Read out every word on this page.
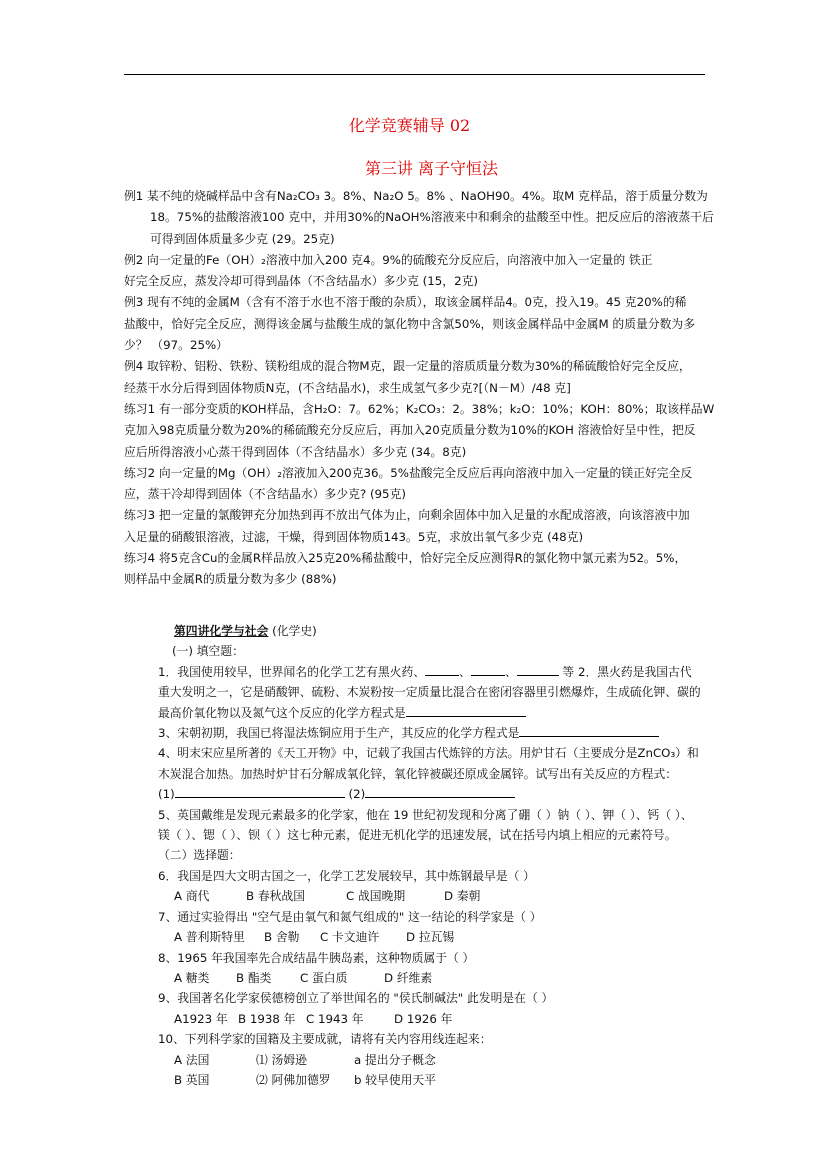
化学竞赛辅导 02
第三讲 离子守恒法
例1 某不纯的烧碱样品中含有Na₂CO₃ 3。8%、Na₂O 5。8% 、NaOH90。4%。取M 克样品，溶于质量分数为
18。75%的盐酸溶液100 克中，并用30%的NaOH%溶液来中和剩余的盐酸至中性。把反应后的溶液蒸干后
可得到固体质量多少克 (29。25克)
例2 向一定量的Fe（OH）₂溶液中加入200 克4。9%的硫酸充分反应后，向溶液中加入一定量的 铁正
好完全反应，蒸发冷却可得到晶体（不含结晶水）多少克 (15，2克)
例3 现有不纯的金属M（含有不溶于水也不溶于酸的杂质），取该金属样品4。0克，投入19。45 克20%的稀
盐酸中，恰好完全反应，测得该金属与盐酸生成的氯化物中含氯50%，则该金属样品中金属M 的质量分数为多
少？ （97。25%）
例4 取锌粉、铝粉、铁粉、镁粉组成的混合物M克，跟一定量的溶质质量分数为30%的稀硫酸恰好完全反应，
经蒸干水分后得到固体物质N克，(不含结晶水)，求生成氢气多少克?[（N－M）/48 克]
练习1 有一部分变质的KOH样品，含H₂O：7。62%；K₂CO₃：2。38%；k₂O：10%；KOH：80%；取该样品W
克加入98克质量分数为20%的稀硫酸充分反应后，再加入20克质量分数为10%的KOH 溶液恰好呈中性，把反
应后所得溶液小心蒸干得到固体（不含结晶水）多少克 (34。8克)
练习2 向一定量的Mg（OH）₂溶液加入200克36。5%盐酸完全反应后再向溶液中加入一定量的镁正好完全反
应，蒸干冷却得到固体（不含结晶水）多少克? (95克)
练习3 把一定量的氯酸钾充分加热到再不放出气体为止，向剩余固体中加入足量的水配成溶液，向该溶液中加
入足量的硝酸银溶液，过滤，干燥，得到固体物质143。5克，求放出氧气多少克 (48克)
练习4 将5克含Cu的金属R样品放入25克20%稀盐酸中，恰好完全反应测得R的氯化物中氯元素为52。5%，
则样品中金属R的质量分数为多少 (88%)
第四讲化学与社会 (化学史)
(一) 填空题：
1．我国使用较早，世界闻名的化学工艺有黑火药、	、	、	等 2．黑火药是我国古代
重大发明之一，它是硝酸钾、硫粉、木炭粉按一定质量比混合在密闭容器里引燃爆炸，生成硫化钾、碳的
最高价氧化物以及氮气这个反应的化学方程式是
3、宋朝初期，我国已将湿法炼铜应用于生产，其反应的化学方程式是
4、明末宋应星所著的《天工开物》中，记载了我国古代炼锌的方法。用炉甘石（主要成分是ZnCO₃）和
木炭混合加热。加热时炉甘石分解成氧化锌，氧化锌被碳还原成金属锌。试写出有关反应的方程式：
(1)	(2)
5、英国戴维是发现元素最多的化学家，他在 19 世纪初发现和分离了硼（ ）钠（ ）、钾（ ）、钙（ ）、
镁（ ）、锶（ ）、钡（ ）这七种元素，促进无机化学的迅速发展，试在括号内填上相应的元素符号。
（二）选择题：
6．我国是四大文明古国之一，化学工艺发展较早，其中炼钢最早是（ ）
A 商代	B 春秋战国	C 战国晚期	D 秦朝
7、通过实验得出 "空气是由氧气和氮气组成的" 这一结论的科学家是（ ）
A 普利斯特里 B 舍勒 C 卡文迪许 D 拉瓦锡
8、1965 年我国率先合成结晶牛胰岛素，这种物质属于（ ）
A 糖类 B 酯类 C 蛋白质	D 纤维素
9、我国著名化学家侯德榜创立了举世闻名的 "侯氏制碱法" 此发明是在（ ）
A1923 年 B 1938 年 C 1943 年	D 1926 年
10、下列科学家的国籍及主要成就，请将有关内容用线连起来：
A 法国	⑴ 汤姆逊	a 提出分子概念
B 英国	⑵ 阿佛加德罗 b 较早使用天平
